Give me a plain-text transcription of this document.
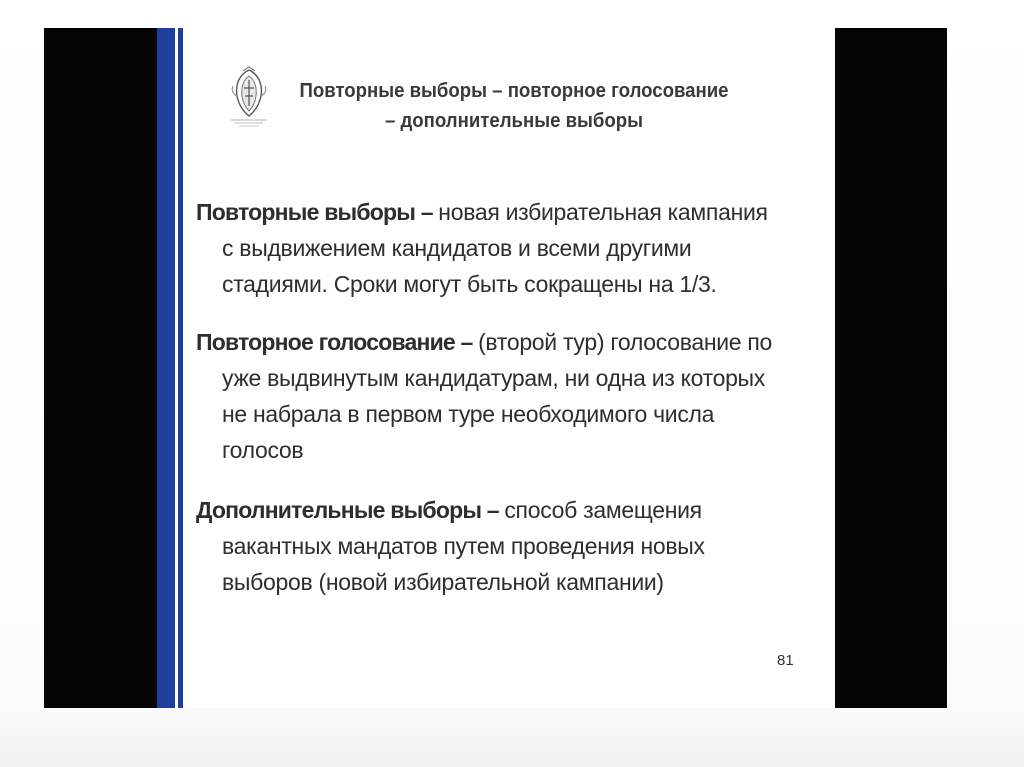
Повторные выборы – повторное голосование
– дополнительные выборы
Повторные выборы – новая избирательная кампания
с выдвижением кандидатов и всеми другими
стадиями. Сроки могут быть сокращены на 1/3.
Повторное голосование – (второй тур) голосование по
уже выдвинутым кандидатурам, ни одна из которых
не набрала в первом туре необходимого числа
голосов
Дополнительные выборы – способ замещения
вакантных мандатов путем проведения новых
выборов (новой избирательной кампании)
81
